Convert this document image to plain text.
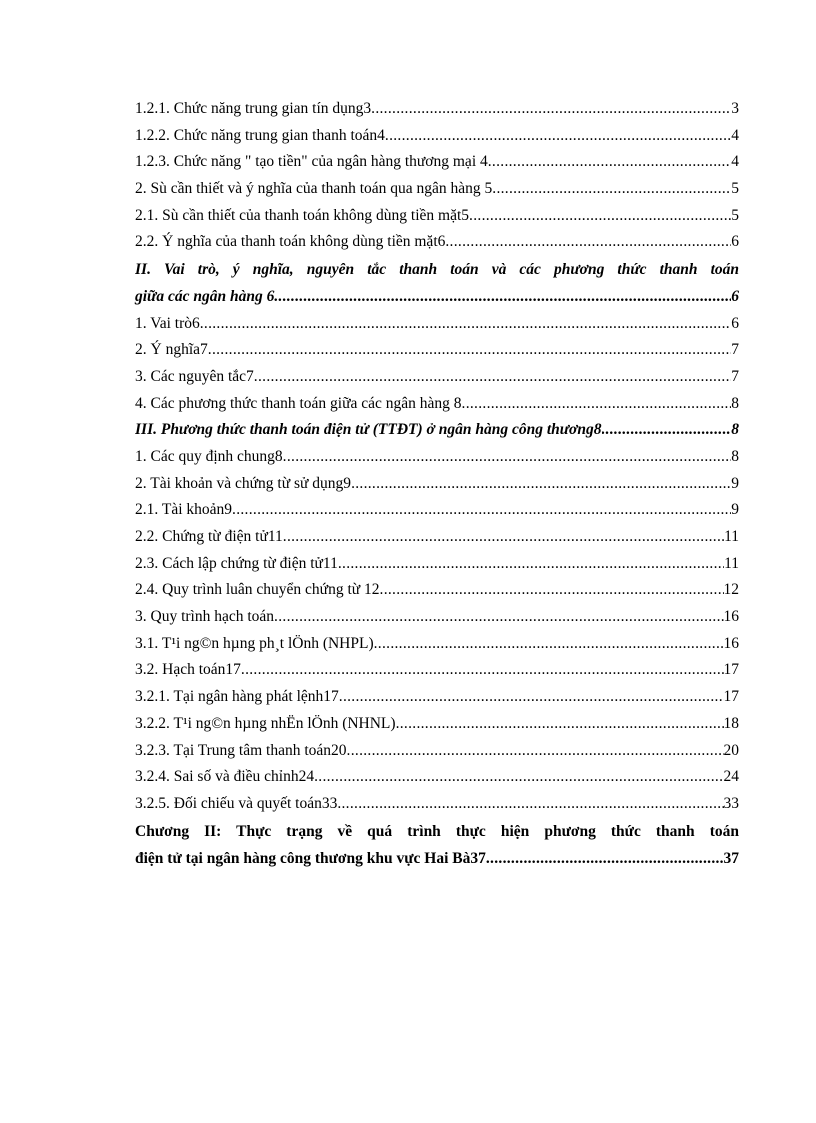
1.2.1. Chức năng trung gian tín dụng3 .....	3
1.2.2. Chức năng trung gian thanh toán4 .....	4
1.2.3. Chức năng " tạo tiền" của ngân hàng thương mại 4 .....	4
2. Sù cần thiết và ý nghĩa của thanh toán qua ngân hàng 5 .....	5
2.1. Sù cần thiết của thanh toán không dùng tiền mặt5 .....	5
2.2. Ý nghĩa của thanh toán không dùng tiền mặt6 .....	6
II. Vai trò, ý nghĩa, nguyên tắc thanh toán và các phương thức thanh toán
giữa các ngân hàng 6 .....	6
1. Vai trò6 .....	6
2. Ý nghĩa7 .....	7
3. Các nguyên tắc7 .....	7
4. Các phương thức thanh toán giữa các ngân hàng 8 .....	8
III. Phương thức thanh toán điện tử (TTĐT) ở ngân hàng công thương8 .....	8
1. Các quy định chung8 .....	8
2. Tài khoản và chứng từ sử dụng9 .....	9
2.1. Tài khoản9 .....	9
2.2. Chứng từ điện tử11 .....	11
2.3. Cách lập chứng từ điện tử11 .....	11
2.4. Quy trình luân chuyển chứng từ 12 .....	12
3. Quy trình hạch toán .....	16
3.1. T¹i ng©n hµng ph¸t lÖnh (NHPL) .....	16
3.2. Hạch toán17 .....	17
3.2.1. Tại ngân hàng phát lệnh17 .....	17
3.2.2. T¹i ng©n hµng nhËn lÖnh (NHNL) .....	18
3.2.3. Tại Trung tâm thanh toán20 .....	20
3.2.4. Sai số và điều chỉnh24 .....	24
3.2.5. Đối chiếu và quyết toán33 .....	33
Chương II: Thực trạng về quá trình thực hiện phương thức thanh toán
điện tử tại ngân hàng công thương khu vực Hai Bà37 .....	37
